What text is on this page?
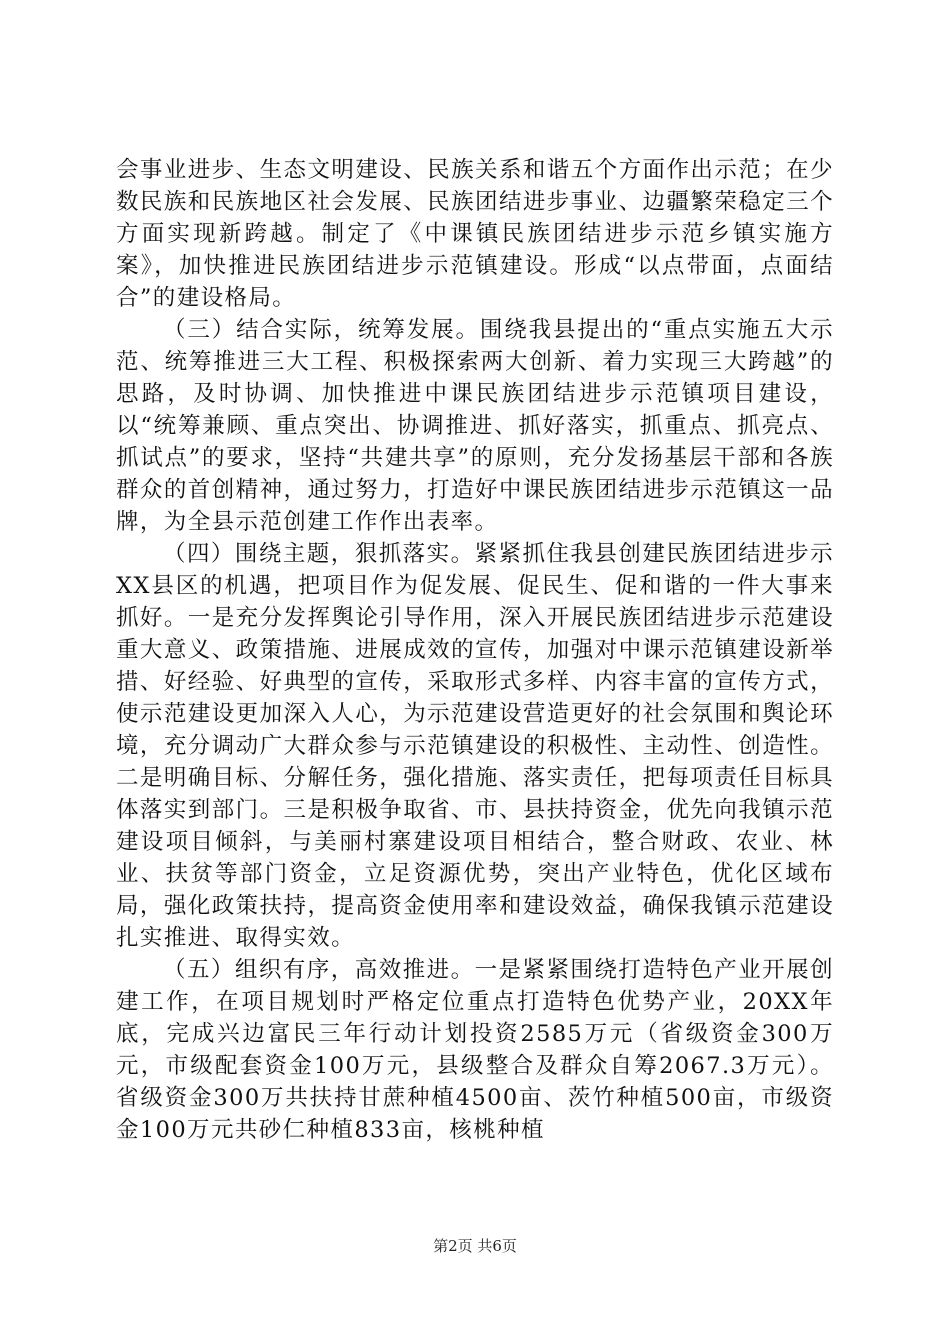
会事业进步、生态文明建设、民族关系和谐五个方面作出示范；在少数民族和民族地区社会发展、民族团结进步事业、边疆繁荣稳定三个方面实现新跨越。制定了《中课镇民族团结进步示范乡镇实施方案》，加快推进民族团结进步示范镇建设。形成“以点带面，点面结合”的建设格局。

（三）结合实际，统筹发展。围绕我县提出的“重点实施五大示范、统筹推进三大工程、积极探索两大创新、着力实现三大跨越”的思路，及时协调、加快推进中课民族团结进步示范镇项目建设，以“统筹兼顾、重点突出、协调推进、抓好落实，抓重点、抓亮点、抓试点”的要求，坚持“共建共享”的原则，充分发扬基层干部和各族群众的首创精神，通过努力，打造好中课民族团结进步示范镇这一品牌，为全县示范创建工作作出表率。

（四）围绕主题，狠抓落实。紧紧抓住我县创建民族团结进步示XX县区的机遇，把项目作为促发展、促民生、促和谐的一件大事来抓好。一是充分发挥舆论引导作用，深入开展民族团结进步示范建设重大意义、政策措施、进展成效的宣传，加强对中课示范镇建设新举措、好经验、好典型的宣传，采取形式多样、内容丰富的宣传方式，使示范建设更加深入人心，为示范建设营造更好的社会氛围和舆论环境，充分调动广大群众参与示范镇建设的积极性、主动性、创造性。二是明确目标、分解任务，强化措施、落实责任，把每项责任目标具体落实到部门。三是积极争取省、市、县扶持资金，优先向我镇示范建设项目倾斜，与美丽村寨建设项目相结合，整合财政、农业、林业、扶贫等部门资金，立足资源优势，突出产业特色，优化区域布局，强化政策扶持，提高资金使用率和建设效益，确保我镇示范建设扎实推进、取得实效。

（五）组织有序，高效推进。一是紧紧围绕打造特色产业开展创建工作，在项目规划时严格定位重点打造特色优势产业，20XX年底，完成兴边富民三年行动计划投资2585万元（省级资金300万元，市级配套资金100万元，县级整合及群众自筹2067.3万元）。省级资金300万共扶持甘蔗种植4500亩、茨竹种植500亩，市级资金100万元共砂仁种植833亩，核桃种植

第2页 共6页
